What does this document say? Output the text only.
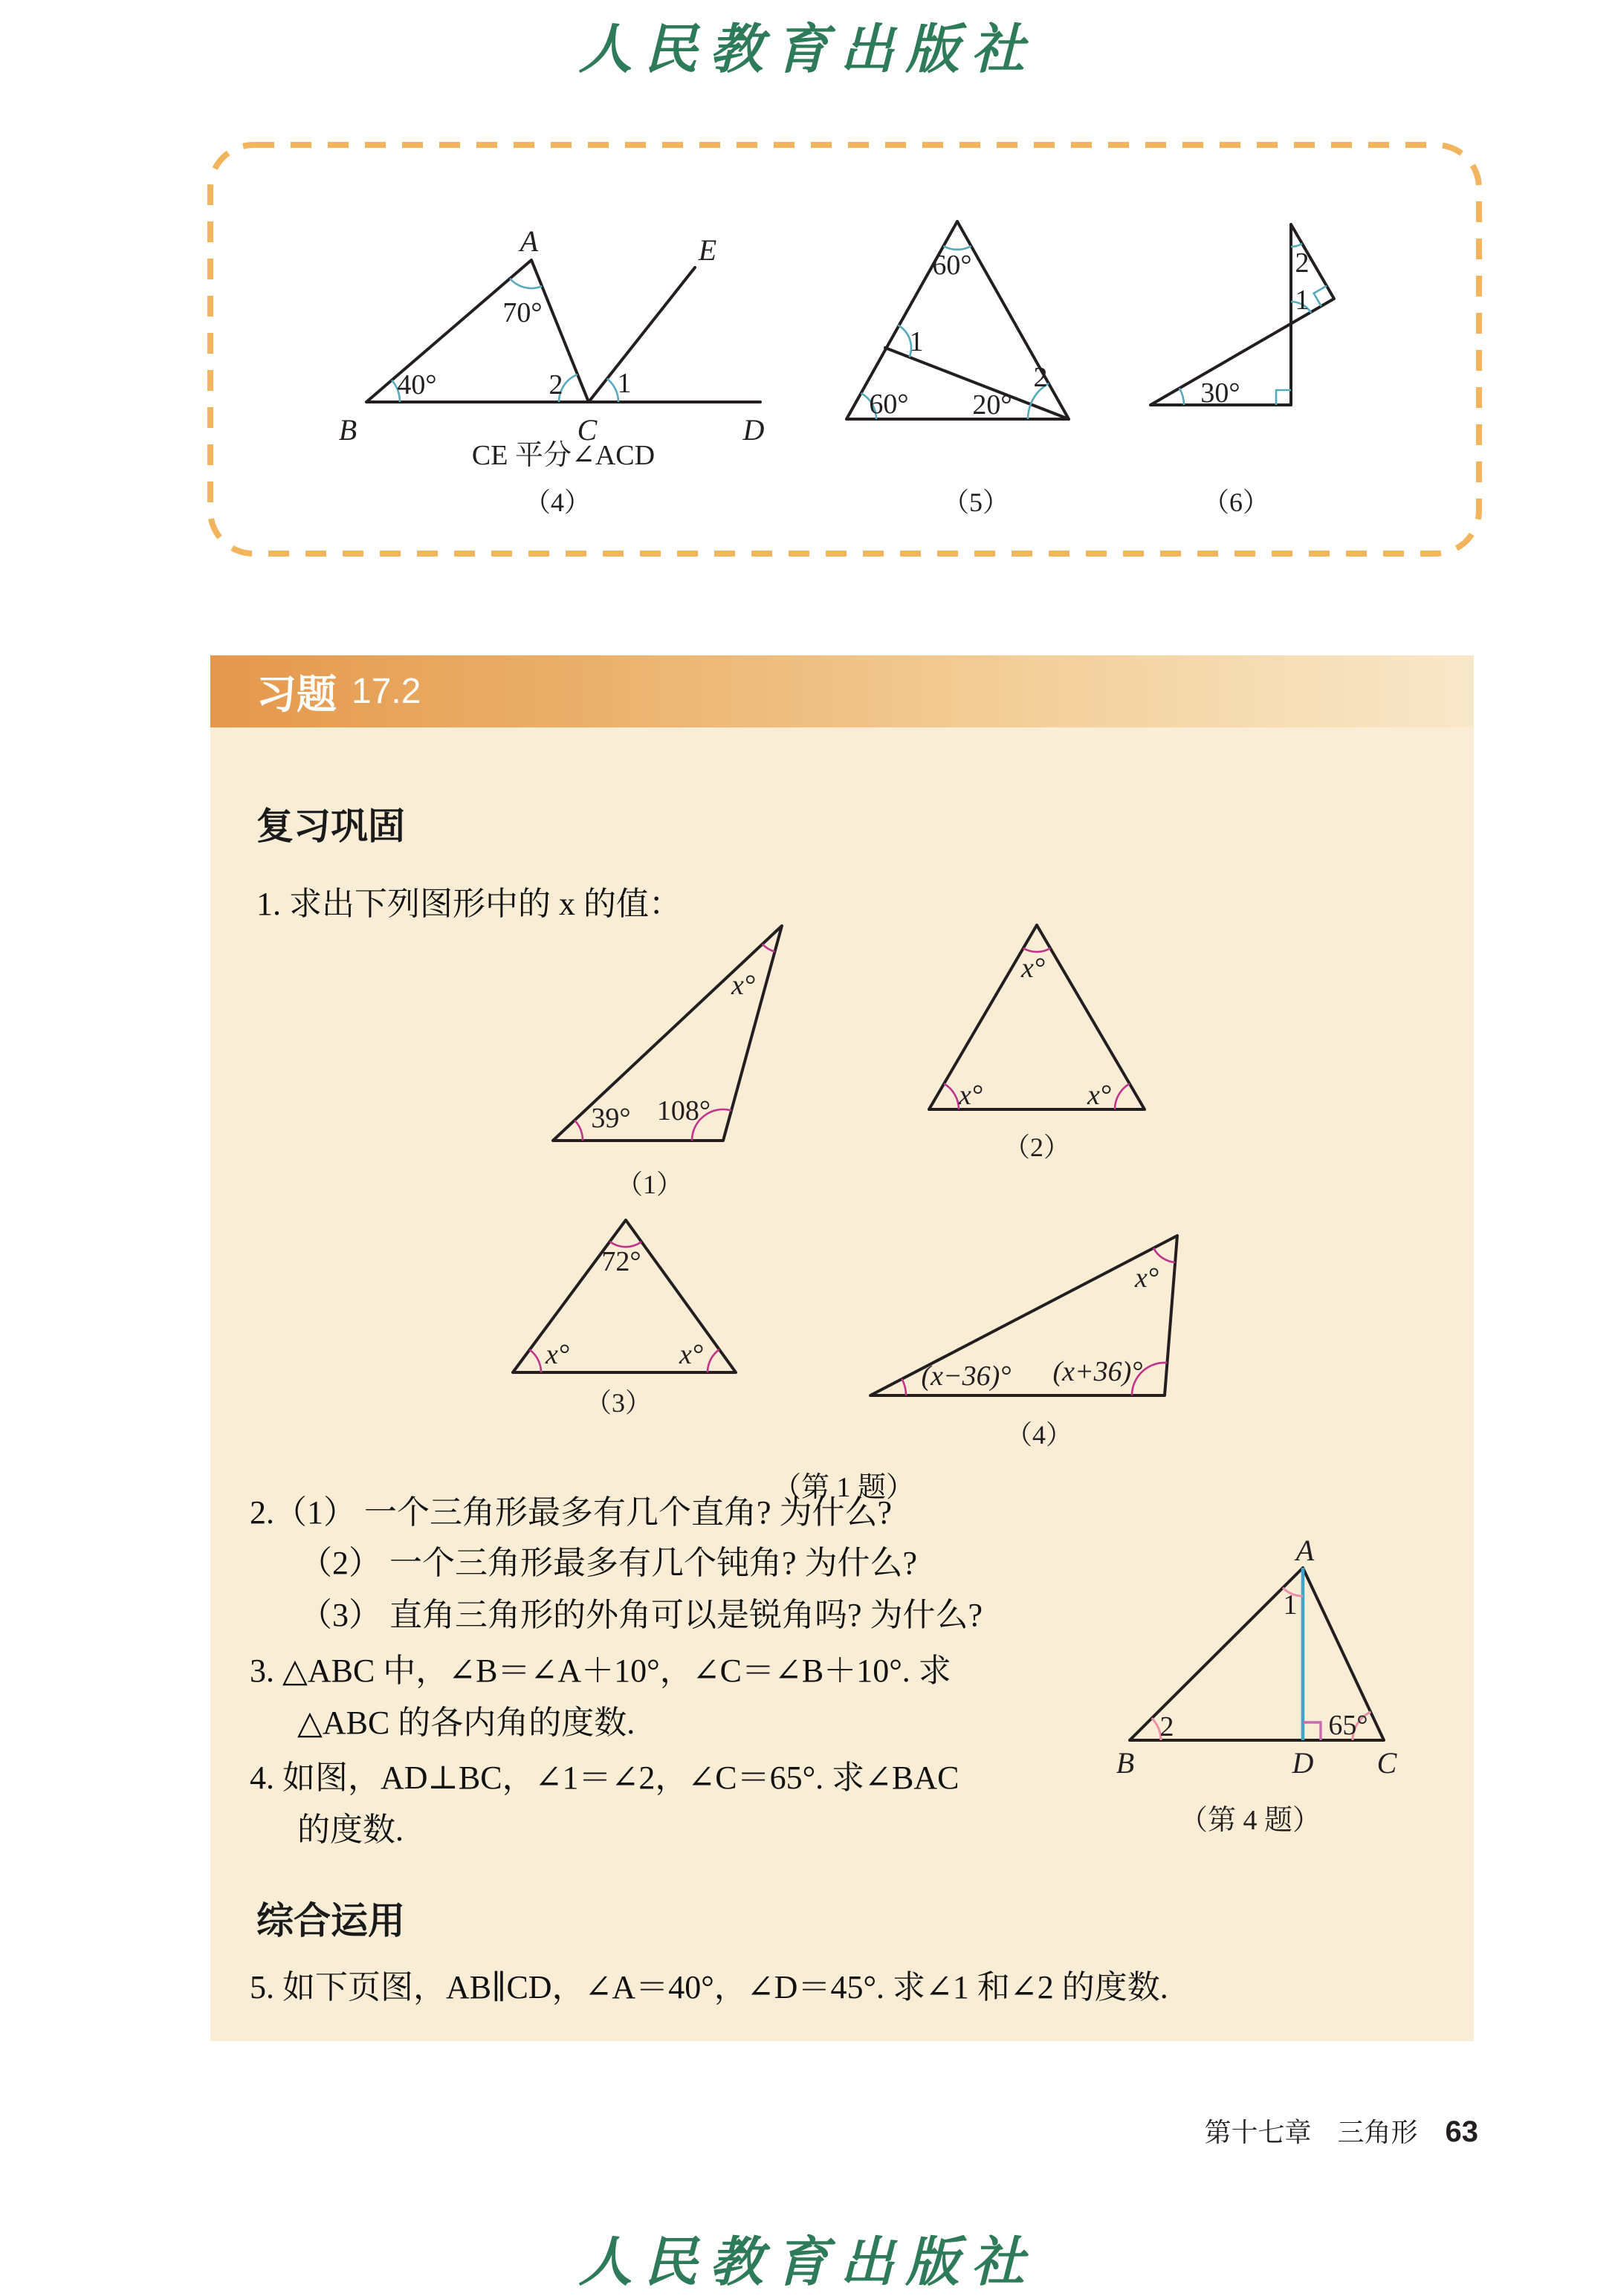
人民教育出版社
A	E
B	C	D
70°
40°	2 1
CE 平分∠ACD
（4）
60°
1
60° 20°
2
（5）
2
1
30°
（6）
习题 17.2
复习巩固
1. 求出下列图形中的 x 的值：
x°
39° 108°
（1）
x°
x°	x°
（2）
72°
x°	x°
（3）
x°
(x−36)° (x+36)°
（4）
（第 1 题）
2.（1） 一个三角形最多有几个直角? 为什么?
（2） 一个三角形最多有几个钝角? 为什么?
（3） 直角三角形的外角可以是锐角吗? 为什么?
3. △ABC 中，∠B＝∠A＋10°，∠C＝∠B＋10°. 求
△ABC 的各内角的度数.
4. 如图，AD⊥BC，∠1＝∠2，∠C＝65°. 求∠BAC
的度数.
A
1
2	65°
B	D C
（第 4 题）
综合运用
5. 如下页图，AB∥CD，∠A＝40°，∠D＝45°. 求∠1 和∠2 的度数.
第十七章 三角形 63
人民教育出版社
